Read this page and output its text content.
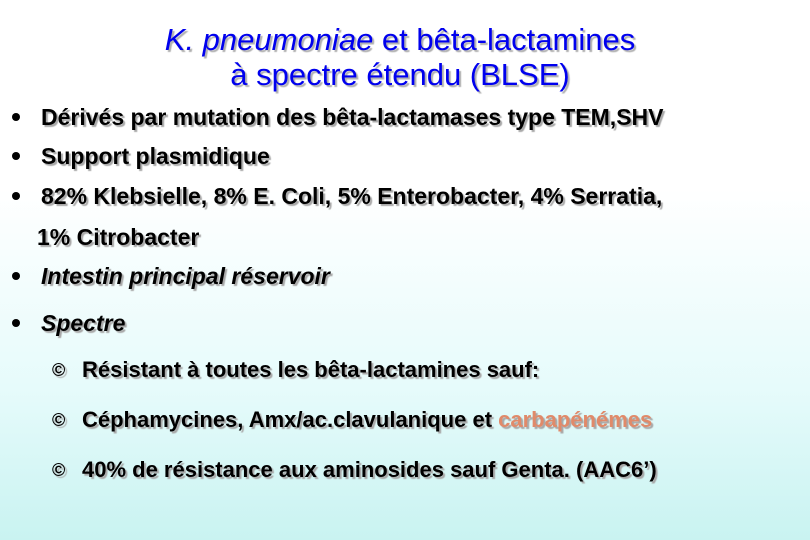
K. pneumoniae et bêta-lactamines
à spectre étendu (BLSE)
Dérivés par mutation des bêta-lactamases type TEM,SHV
Support plasmidique
82% Klebsielle, 8% E. Coli, 5% Enterobacter, 4% Serratia,
1% Citrobacter
Intestin principal réservoir
Spectre
© Résistant à toutes les bêta-lactamines sauf:
© Céphamycines, Amx/ac.clavulanique et carbapénémes
© 40% de résistance aux aminosides sauf Genta. (AAC6’)
